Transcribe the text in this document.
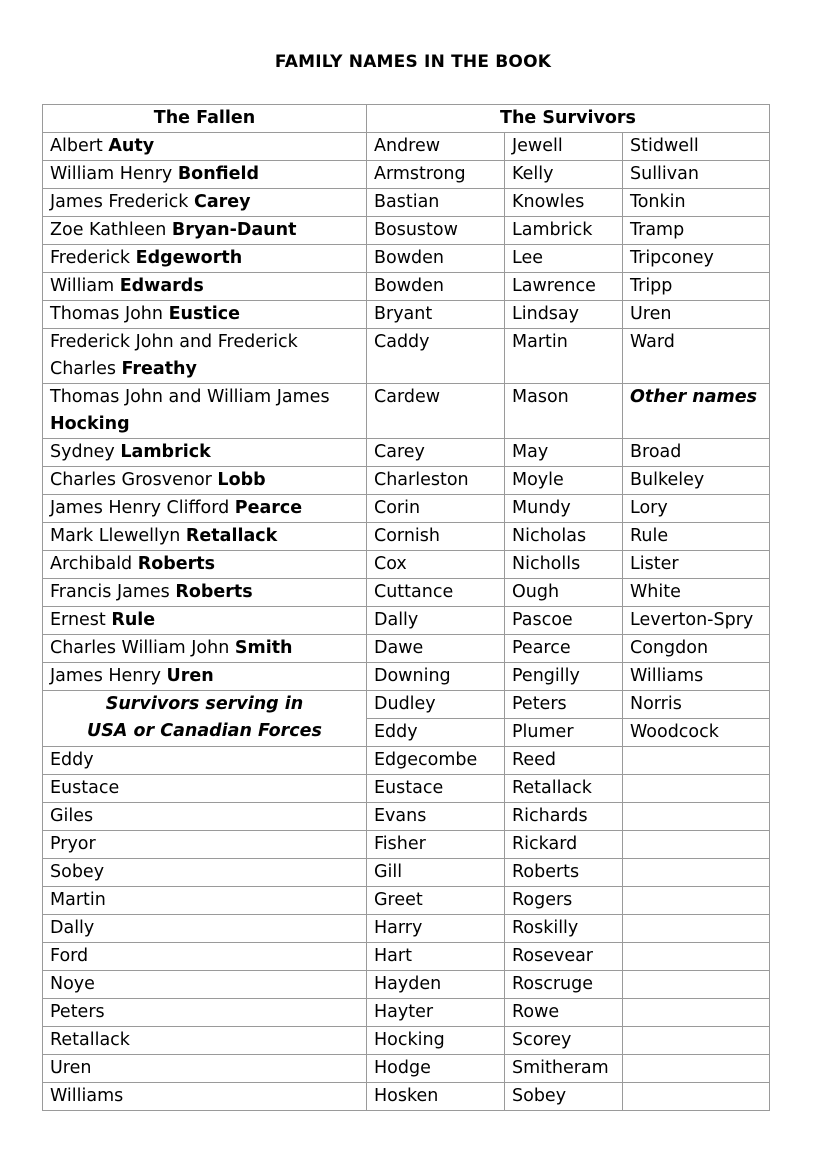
FAMILY NAMES IN THE BOOK
The Fallen	The Survivors		
Albert Auty	Andrew	Jewell	Stidwell
William Henry Bonfield	Armstrong	Kelly	Sullivan
James Frederick Carey	Bastian	Knowles	Tonkin
Zoe Kathleen Bryan-Daunt	Bosustow	Lambrick	Tramp
Frederick Edgeworth	Bowden	Lee	Tripconey
William Edwards	Bowden	Lawrence	Tripp
Thomas John Eustice	Bryant	Lindsay	Uren
Frederick John and Frederick Charles Freathy	Caddy	Martin	Ward
Thomas John and William James Hocking	Cardew	Mason	Other names
Sydney Lambrick	Carey	May	Broad
Charles Grosvenor Lobb	Charleston	Moyle	Bulkeley
James Henry Clifford Pearce	Corin	Mundy	Lory
Mark Llewellyn Retallack	Cornish	Nicholas	Rule
Archibald Roberts	Cox	Nicholls	Lister
Francis James Roberts	Cuttance	Ough	White
Ernest Rule	Dally	Pascoe	Leverton-Spry
Charles William John Smith	Dawe	Pearce	Congdon
James Henry Uren	Downing	Pengilly	Williams

Survivors serving in
USA or Canadian Forces	Dudley	Peters	Norris
	Eddy	Plumer	Woodcock
Eddy	Edgecombe	Reed	
Eustace	Eustace	Retallack	
Giles	Evans	Richards	
Pryor	Fisher	Rickard	
Sobey	Gill	Roberts	
Martin	Greet	Rogers	
Dally	Harry	Roskilly	
Ford	Hart	Rosevear	
Noye	Hayden	Roscruge	
Peters	Hayter	Rowe	
Retallack	Hocking	Scorey	
Uren	Hodge	Smitheram	
Williams	Hosken	Sobey	
